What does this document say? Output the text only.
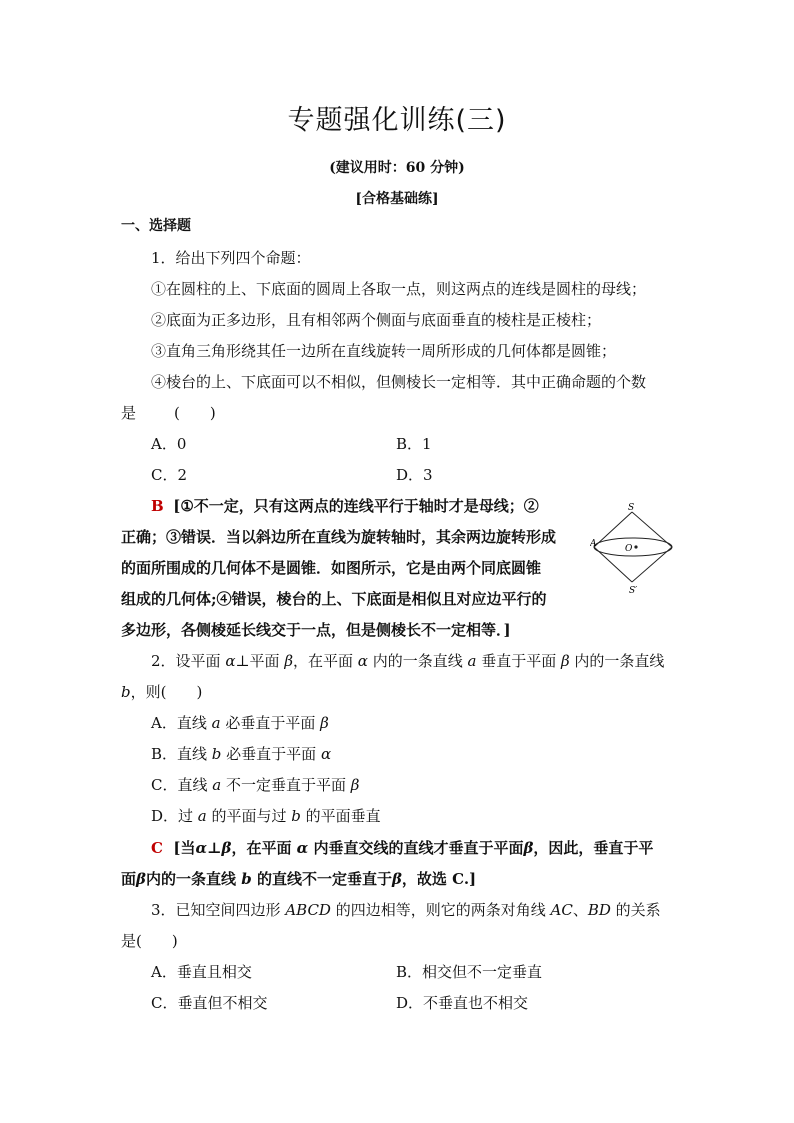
专题强化训练(三)
(建议用时：60 分钟)
[合格基础练]
一、选择题
1．给出下列四个命题：
①在圆柱的上、下底面的圆周上各取一点，则这两点的连线是圆柱的母线；
②底面为正多边形，且有相邻两个侧面与底面垂直的棱柱是正棱柱；
③直角三角形绕其任一边所在直线旋转一周所形成的几何体都是圆锥；
④棱台的上、下底面可以不相似，但侧棱长一定相等．其中正确命题的个数
是	(　　)
A．0	B．1
C．2	D．3
B [①不一定，只有这两点的连线平行于轴时才是母线；②
正确；③错误．当以斜边所在直线为旋转轴时，其余两边旋转形成
的面所围成的几何体不是圆锥．如图所示，它是由两个同底圆锥
组成的几何体;④错误，棱台的上、下底面是相似且对应边平行的
多边形，各侧棱延长线交于一点，但是侧棱长不一定相等．]
S
A	O
S′
2．设平面 α⊥平面 β，在平面 α 内的一条直线 a 垂直于平面 β 内的一条直线
b，则(　　)
A．直线 a 必垂直于平面 β
B．直线 b 必垂直于平面 α
C．直线 a 不一定垂直于平面 β
D．过 a 的平面与过 b 的平面垂直
C [当α⊥β，在平面 α 内垂直交线的直线才垂直于平面β，因此，垂直于平
面β内的一条直线 b 的直线不一定垂直于β，故选 C.]
3．已知空间四边形 ABCD 的四边相等，则它的两条对角线 AC、BD 的关系
是(　　)
A．垂直且相交	B．相交但不一定垂直
C．垂直但不相交	D．不垂直也不相交
